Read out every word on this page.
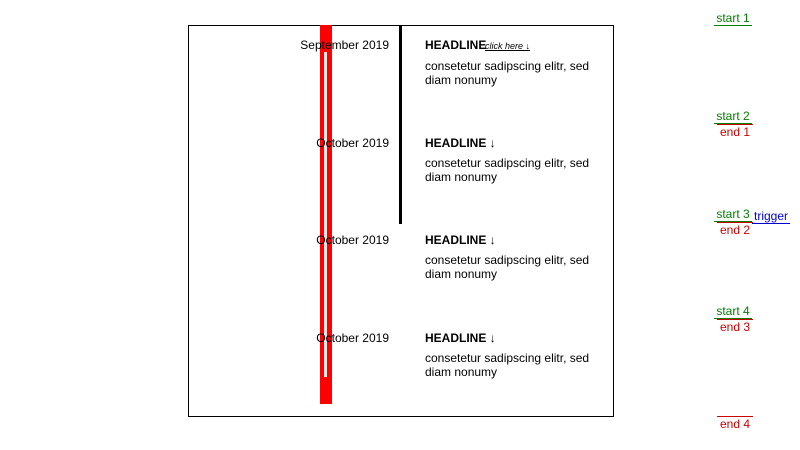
September 2019	HEADLINE
click here ↓
consetetur sadipscing elitr, sed diam nonumy
October 2019	HEADLINE ↓
consetetur sadipscing elitr, sed diam nonumy
October 2019	HEADLINE ↓
consetetur sadipscing elitr, sed diam nonumy
October 2019	HEADLINE ↓
consetetur sadipscing elitr, sed diam nonumy
start 1
start 2
end 1
start 3 trigger
end 2
start 4
end 3
end 4
